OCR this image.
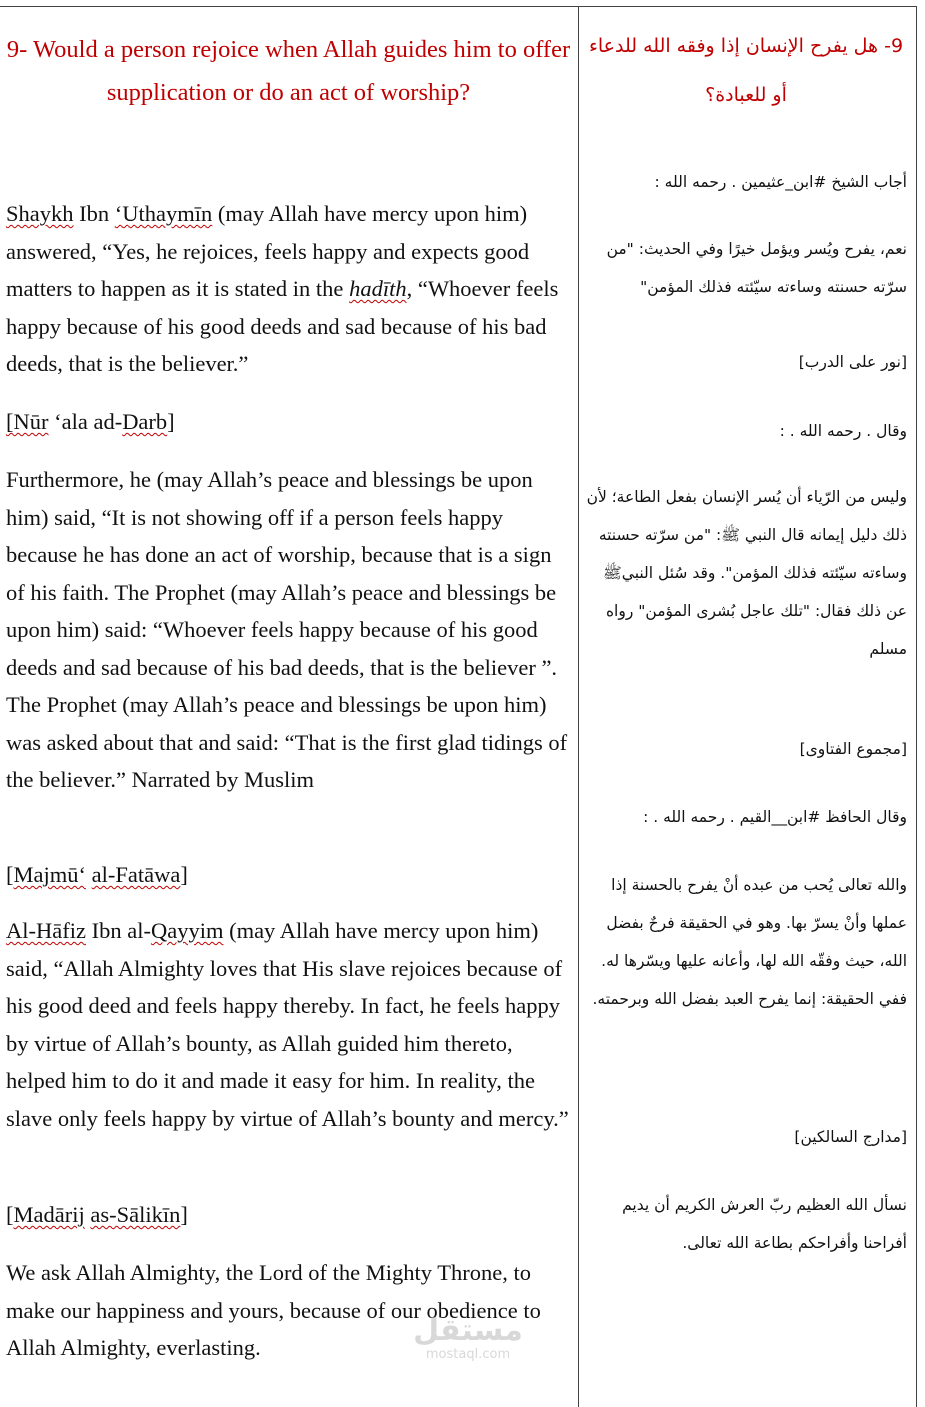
9- Would a person rejoice when Allah guides him to offer supplication or do an act of worship?

Shaykh Ibn ‘Uthaymīn (may Allah have mercy upon him) answered, “Yes, he rejoices, feels happy and expects good matters to happen as it is stated in the hadīth, “Whoever feels happy because of his good deeds and sad because of his bad deeds, that is the believer.”

[Nūr ‘ala ad-Darb]

Furthermore, he (may Allah’s peace and blessings be upon him) said, “It is not showing off if a person feels happy because he has done an act of worship, because that is a sign of his faith. The Prophet (may Allah’s peace and blessings be upon him) said: “Whoever feels happy because of his good deeds and sad because of his bad deeds, that is the believer ”. The Prophet (may Allah’s peace and blessings be upon him) was asked about that and said: “That is the first glad tidings of the believer.” Narrated by Muslim

[Majmū‘ al-Fatāwa]

Al-Hāfiz Ibn al-Qayyim (may Allah have mercy upon him) said, “Allah Almighty loves that His slave rejoices because of his good deed and feels happy thereby. In fact, he feels happy by virtue of Allah’s bounty, as Allah guided him thereto, helped him to do it and made it easy for him. In reality, the slave only feels happy by virtue of Allah’s bounty and mercy.”

[Madārij as-Sālikīn]

We ask Allah Almighty, the Lord of the Mighty Throne, to make our happiness and yours, because of our obedience to Allah Almighty, everlasting.

9- هل يفرح الإنسان إذا وفقه الله للدعاء أو للعبادة؟

أجاب الشيخ #ابن_عثيمين . رحمه الله :

نعم، يفرح ويُسر ويؤمل خيرًا وفي الحديث: "من سرّته حسنته وساءته سيّئته فذلك المؤمن"

[نور على الدرب]

وقال . رحمه الله . :

وليس من الرّياء أن يُسر الإنسان بفعل الطاعة؛ لأن ذلك دليل إيمانه قال النبي ﷺ: "من سرّته حسنته وساءته سيّئته فذلك المؤمن". وقد سُئل النبيﷺ عن ذلك فقال: "تلك عاجل بُشرى المؤمن" رواه مسلم

[مجموع الفتاوى]

وقال الحافظ #ابن__القيم . رحمه الله . :

والله تعالى يُحب من عبده أنْ يفرح بالحسنة إذا عملها وأنْ يسرّ بها. وهو في الحقيقة فرحٌ بفضل الله، حيث وفقّه الله لها، وأعانه عليها ويسّرها له. ففي الحقيقة: إنما يفرح العبد بفضل الله وبرحمته.

[مدارج السالكين]

نسأل الله العظيم ربّ العرش الكريم أن يديم أفراحنا وأفراحكم بطاعة الله تعالى.

مستقل
mostaql.com
